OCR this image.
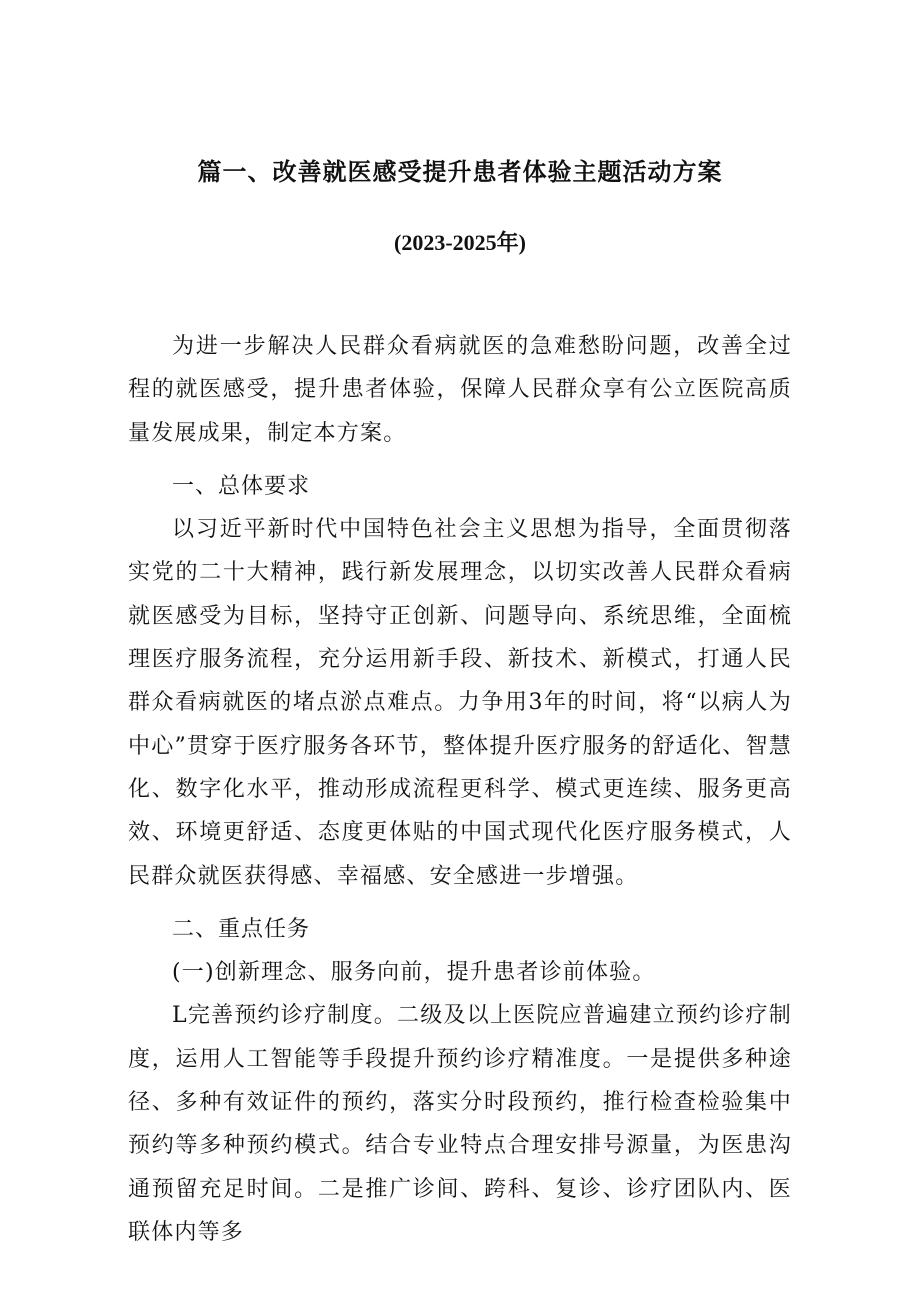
篇一、改善就医感受提升患者体验主题活动方案
(2023-2025年)

为进一步解决人民群众看病就医的急难愁盼问题，改善全过程的就医感受，提升患者体验，保障人民群众享有公立医院高质量发展成果，制定本方案。

一、总体要求

以习近平新时代中国特色社会主义思想为指导，全面贯彻落实党的二十大精神，践行新发展理念，以切实改善人民群众看病就医感受为目标，坚持守正创新、问题导向、系统思维，全面梳理医疗服务流程，充分运用新手段、新技术、新模式，打通人民群众看病就医的堵点淤点难点。力争用3年的时间，将“以病人为中心”贯穿于医疗服务各环节，整体提升医疗服务的舒适化、智慧化、数字化水平，推动形成流程更科学、模式更连续、服务更高效、环境更舒适、态度更体贴的中国式现代化医疗服务模式，人民群众就医获得感、幸福感、安全感进一步增强。

二、重点任务

(一)创新理念、服务向前，提升患者诊前体验。

L完善预约诊疗制度。二级及以上医院应普遍建立预约诊疗制度，运用人工智能等手段提升预约诊疗精准度。一是提供多种途径、多种有效证件的预约，落实分时段预约，推行检查检验集中预约等多种预约模式。结合专业特点合理安排号源量，为医患沟通预留充足时间。二是推广诊间、跨科、复诊、诊疗团队内、医联体内等多
